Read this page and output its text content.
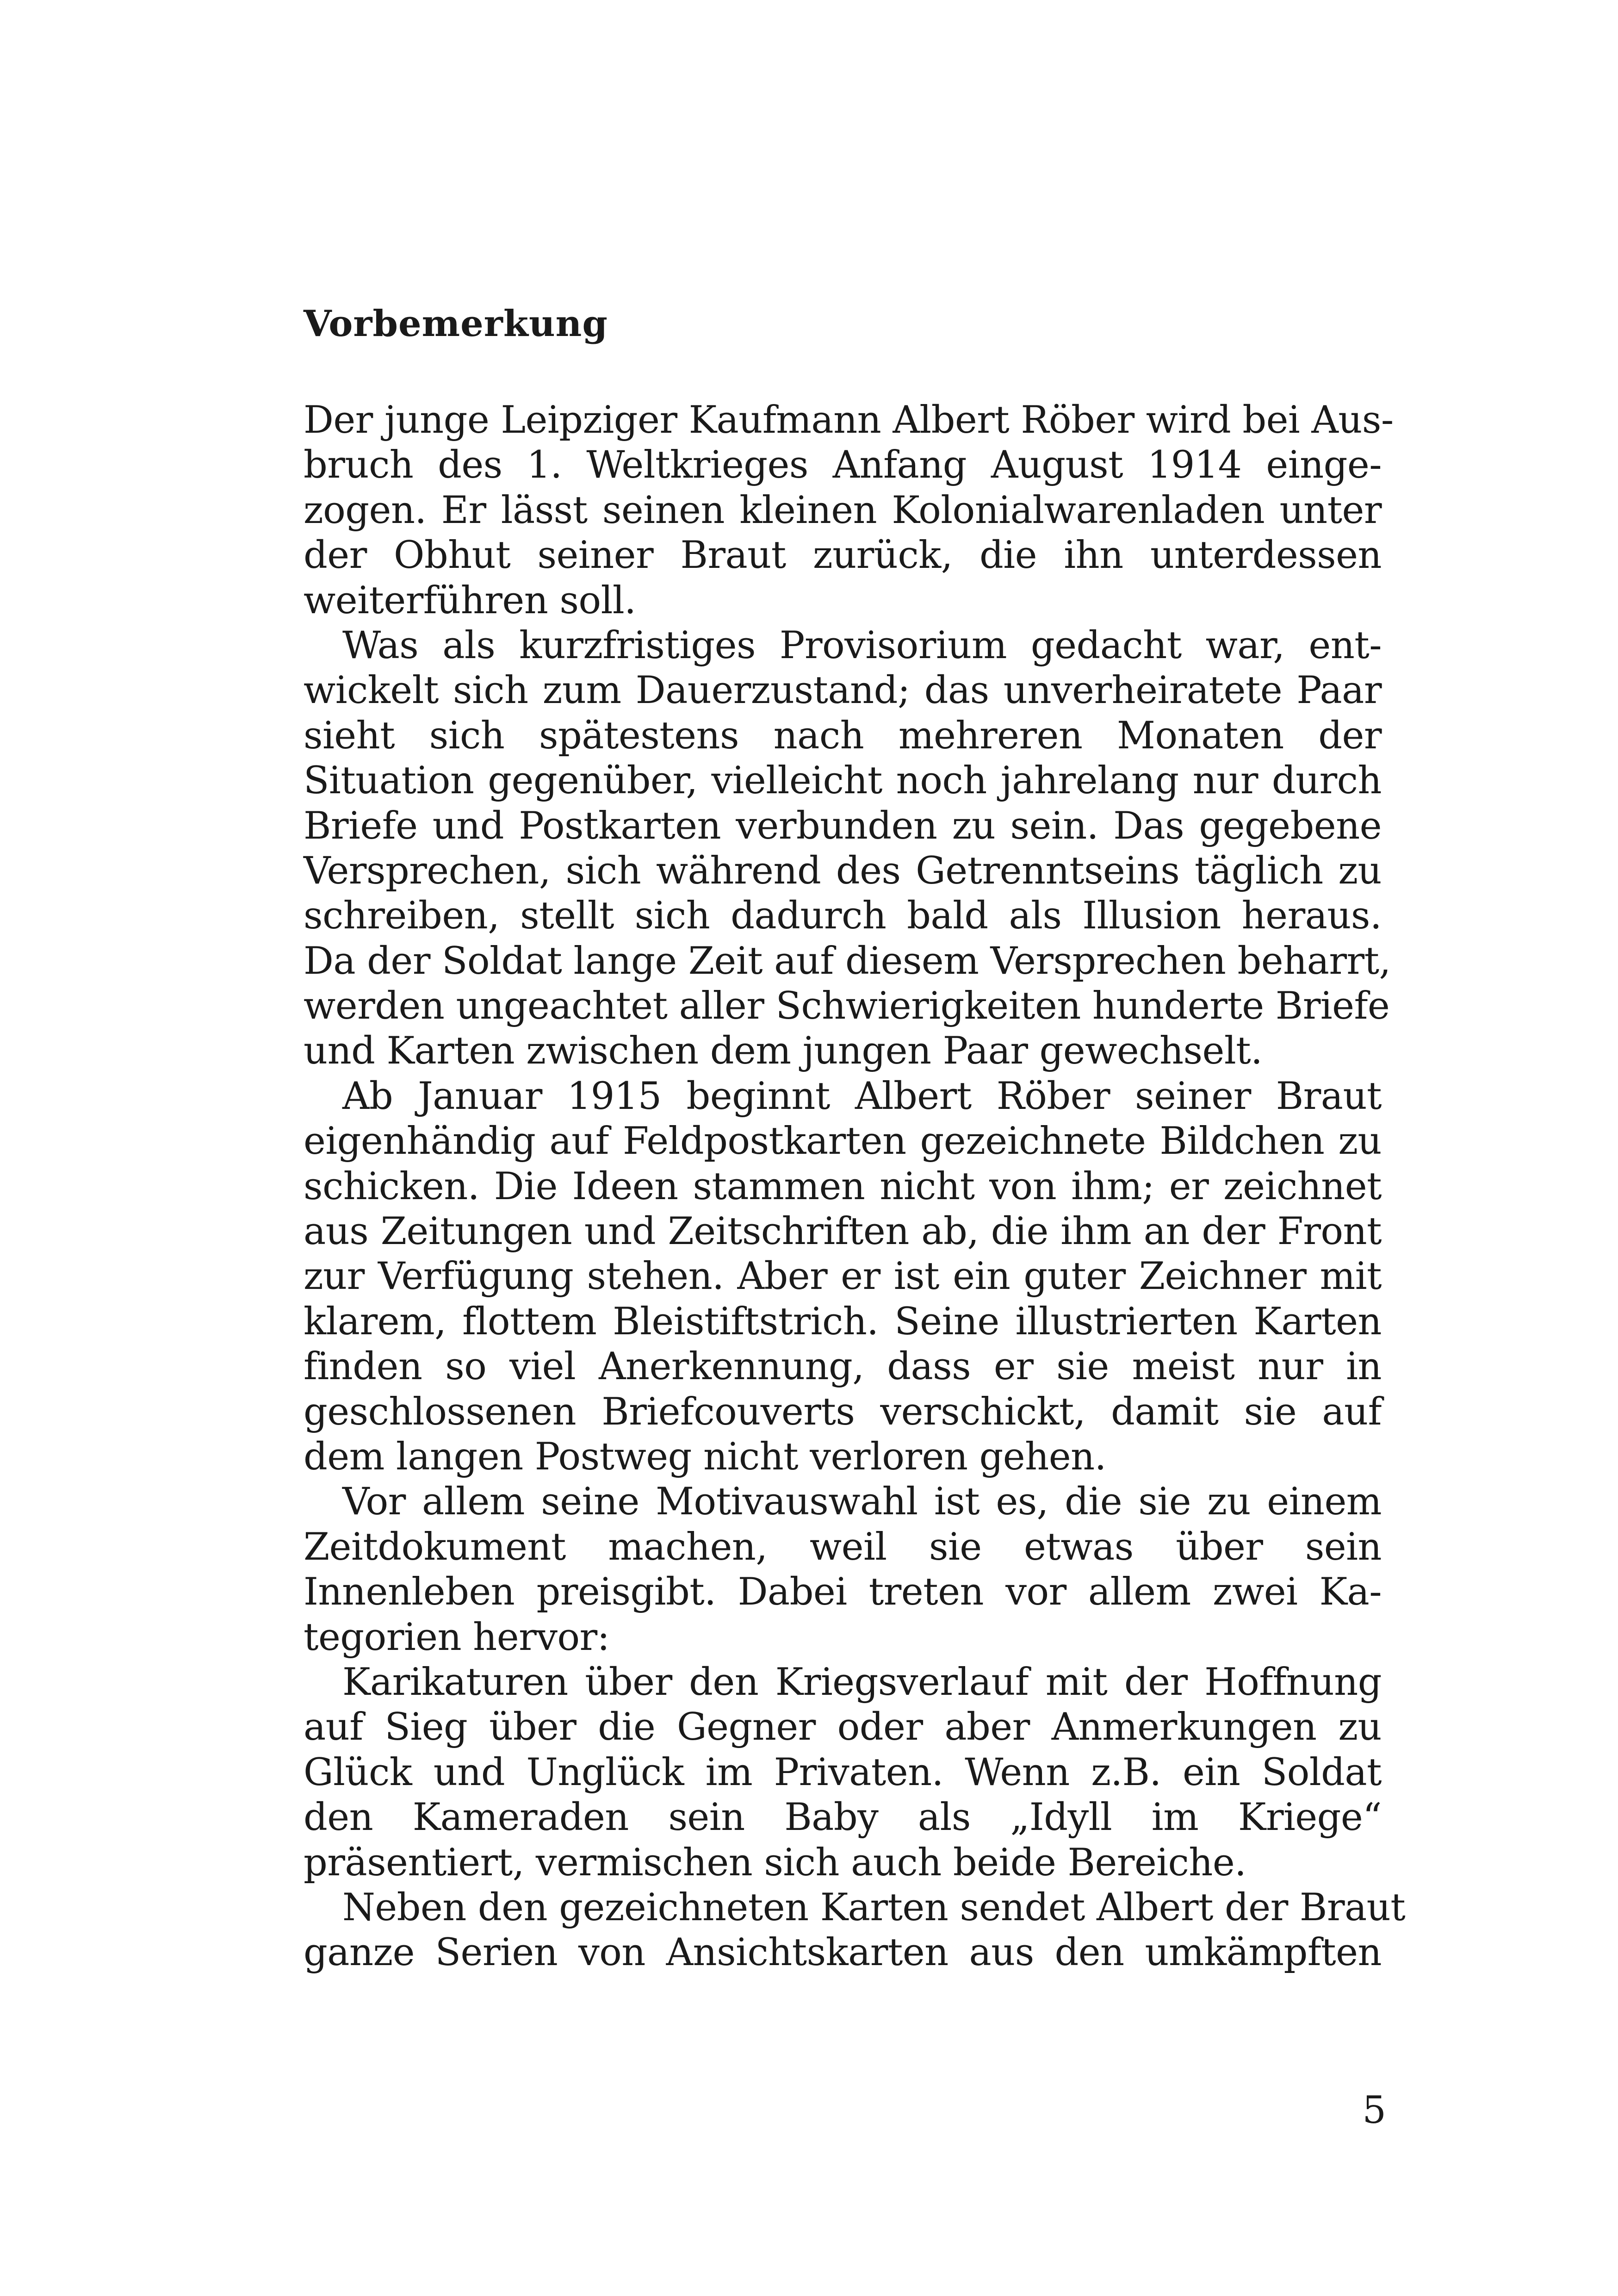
Vorbemerkung
Der junge Leipziger Kaufmann Albert Röber wird bei Aus-
bruch des 1. Weltkrieges Anfang August 1914 einge-
zogen. Er lässt seinen kleinen Kolonialwarenladen unter
der Obhut seiner Braut zurück, die ihn unterdessen
weiterführen soll.
Was als kurzfristiges Provisorium gedacht war, ent-
wickelt sich zum Dauerzustand; das unverheiratete Paar
sieht sich spätestens nach mehreren Monaten der
Situation gegenüber, vielleicht noch jahrelang nur durch
Briefe und Postkarten verbunden zu sein. Das gegebene
Versprechen, sich während des Getrenntseins täglich zu
schreiben, stellt sich dadurch bald als Illusion heraus.
Da der Soldat lange Zeit auf diesem Versprechen beharrt,
werden ungeachtet aller Schwierigkeiten hunderte Briefe
und Karten zwischen dem jungen Paar gewechselt.
Ab Januar 1915 beginnt Albert Röber seiner Braut
eigenhändig auf Feldpostkarten gezeichnete Bildchen zu
schicken. Die Ideen stammen nicht von ihm; er zeichnet
aus Zeitungen und Zeitschriften ab, die ihm an der Front
zur Verfügung stehen. Aber er ist ein guter Zeichner mit
klarem, flottem Bleistiftstrich. Seine illustrierten Karten
finden so viel Anerkennung, dass er sie meist nur in
geschlossenen Briefcouverts verschickt, damit sie auf
dem langen Postweg nicht verloren gehen.
Vor allem seine Motivauswahl ist es, die sie zu einem
Zeitdokument machen, weil sie etwas über sein
Innenleben preisgibt. Dabei treten vor allem zwei Ka-
tegorien hervor:
Karikaturen über den Kriegsverlauf mit der Hoffnung
auf Sieg über die Gegner oder aber Anmerkungen zu
Glück und Unglück im Privaten. Wenn z.B. ein Soldat
den Kameraden sein Baby als „Idyll im Kriege“
präsentiert, vermischen sich auch beide Bereiche.
Neben den gezeichneten Karten sendet Albert der Braut
ganze Serien von Ansichtskarten aus den umkämpften
5
